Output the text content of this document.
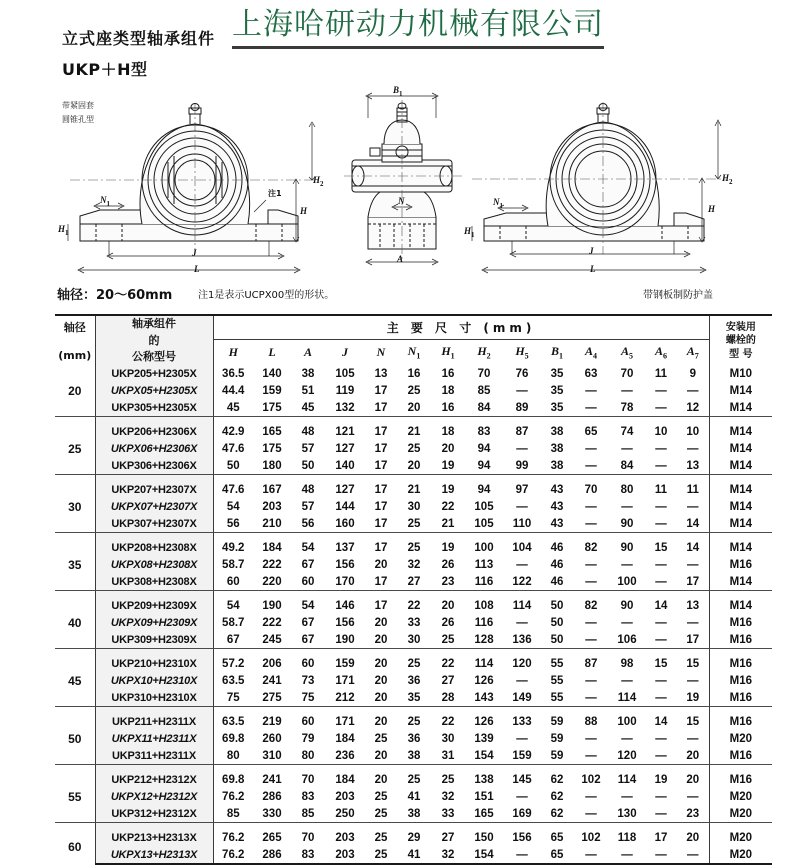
上海哈研动力机械有限公司
立式座类型轴承组件
UKP＋H型
带紧固套
圆锥孔型
$H_2$
H
$H_1$
$N_1$
J
L
注1
$B_1$
N
A
$H_2$
H
$H_1$
$N_1$
J
L
注1是表示UCPX00型的形状。	带钢板制防护盖
轴径：20～60mm
轴径
(mm)

轴承组件
的
公称型号
	主 要 尺 寸 (mm)	安装用
螺栓的
型 号

		H	L	A	J	N	$N_1$	$H_1$	$H_2$	$H_5$	$B_1$	$A_4$	$A_5$	$A_6$	$A_7$
20	UKP205+H2305X	36.5	140	38	105	13	16	16	70	76	35	63	70	11	9	M10
	UKPX05+H2305X	44.4	159	51	119	17	25	18	85	—	35	—	—	—	—	M14
	UKP305+H2305X	45	175	45	132	17	20	16	84	89	35	—	78	—	12	M14

25	UKP206+H2306X	42.9	165	48	121	17	21	18	83	87	38	65	74	10	10	M14
	UKPX06+H2306X	47.6	175	57	127	17	25	20	94	—	38	—	—	—	—	M14
	UKP306+H2306X	50	180	50	140	17	20	19	94	99	38	—	84	—	13	M14

30	UKP207+H2307X	47.6	167	48	127	17	21	19	94	97	43	70	80	11	11	M14
	UKPX07+H2307X	54	203	57	144	17	30	22	105	—	43	—	—	—	—	M14
	UKP307+H2307X	56	210	56	160	17	25	21	105	110	43	—	90	—	14	M14

35	UKP208+H2308X	49.2	184	54	137	17	25	19	100	104	46	82	90	15	14	M14
	UKPX08+H2308X	58.7	222	67	156	20	32	26	113	—	46	—	—	—	—	M16
	UKP308+H2308X	60	220	60	170	17	27	23	116	122	46	—	100	—	17	M14

40	UKP209+H2309X	54	190	54	146	17	22	20	108	114	50	82	90	14	13	M14
	UKPX09+H2309X	58.7	222	67	156	20	33	26	116	—	50	—	—	—	—	M16
	UKP309+H2309X	67	245	67	190	20	30	25	128	136	50	—	106	—	17	M16

45	UKP210+H2310X	57.2	206	60	159	20	25	22	114	120	55	87	98	15	15	M16
	UKPX10+H2310X	63.5	241	73	171	20	36	27	126	—	55	—	—	—	—	M16
	UKP310+H2310X	75	275	75	212	20	35	28	143	149	55	—	114	—	19	M16

50	UKP211+H2311X	63.5	219	60	171	20	25	22	126	133	59	88	100	14	15	M16
	UKPX11+H2311X	69.8	260	79	184	25	36	30	139	—	59	—	—	—	—	M20
	UKP311+H2311X	80	310	80	236	20	38	31	154	159	59	—	120	—	20	M16

55	UKP212+H2312X	69.8	241	70	184	20	25	25	138	145	62	102	114	19	20	M16
	UKPX12+H2312X	76.2	286	83	203	25	41	32	151	—	62	—	—	—	—	M20
	UKP312+H2312X	85	330	85	250	25	38	33	165	169	62	—	130	—	23	M20

60	UKP213+H2313X	76.2	265	70	203	25	29	27	150	156	65	102	118	17	20	M20
	UKPX13+H2313X	76.2	286	83	203	25	41	32	154	—	65	—	—	—	—	M20
